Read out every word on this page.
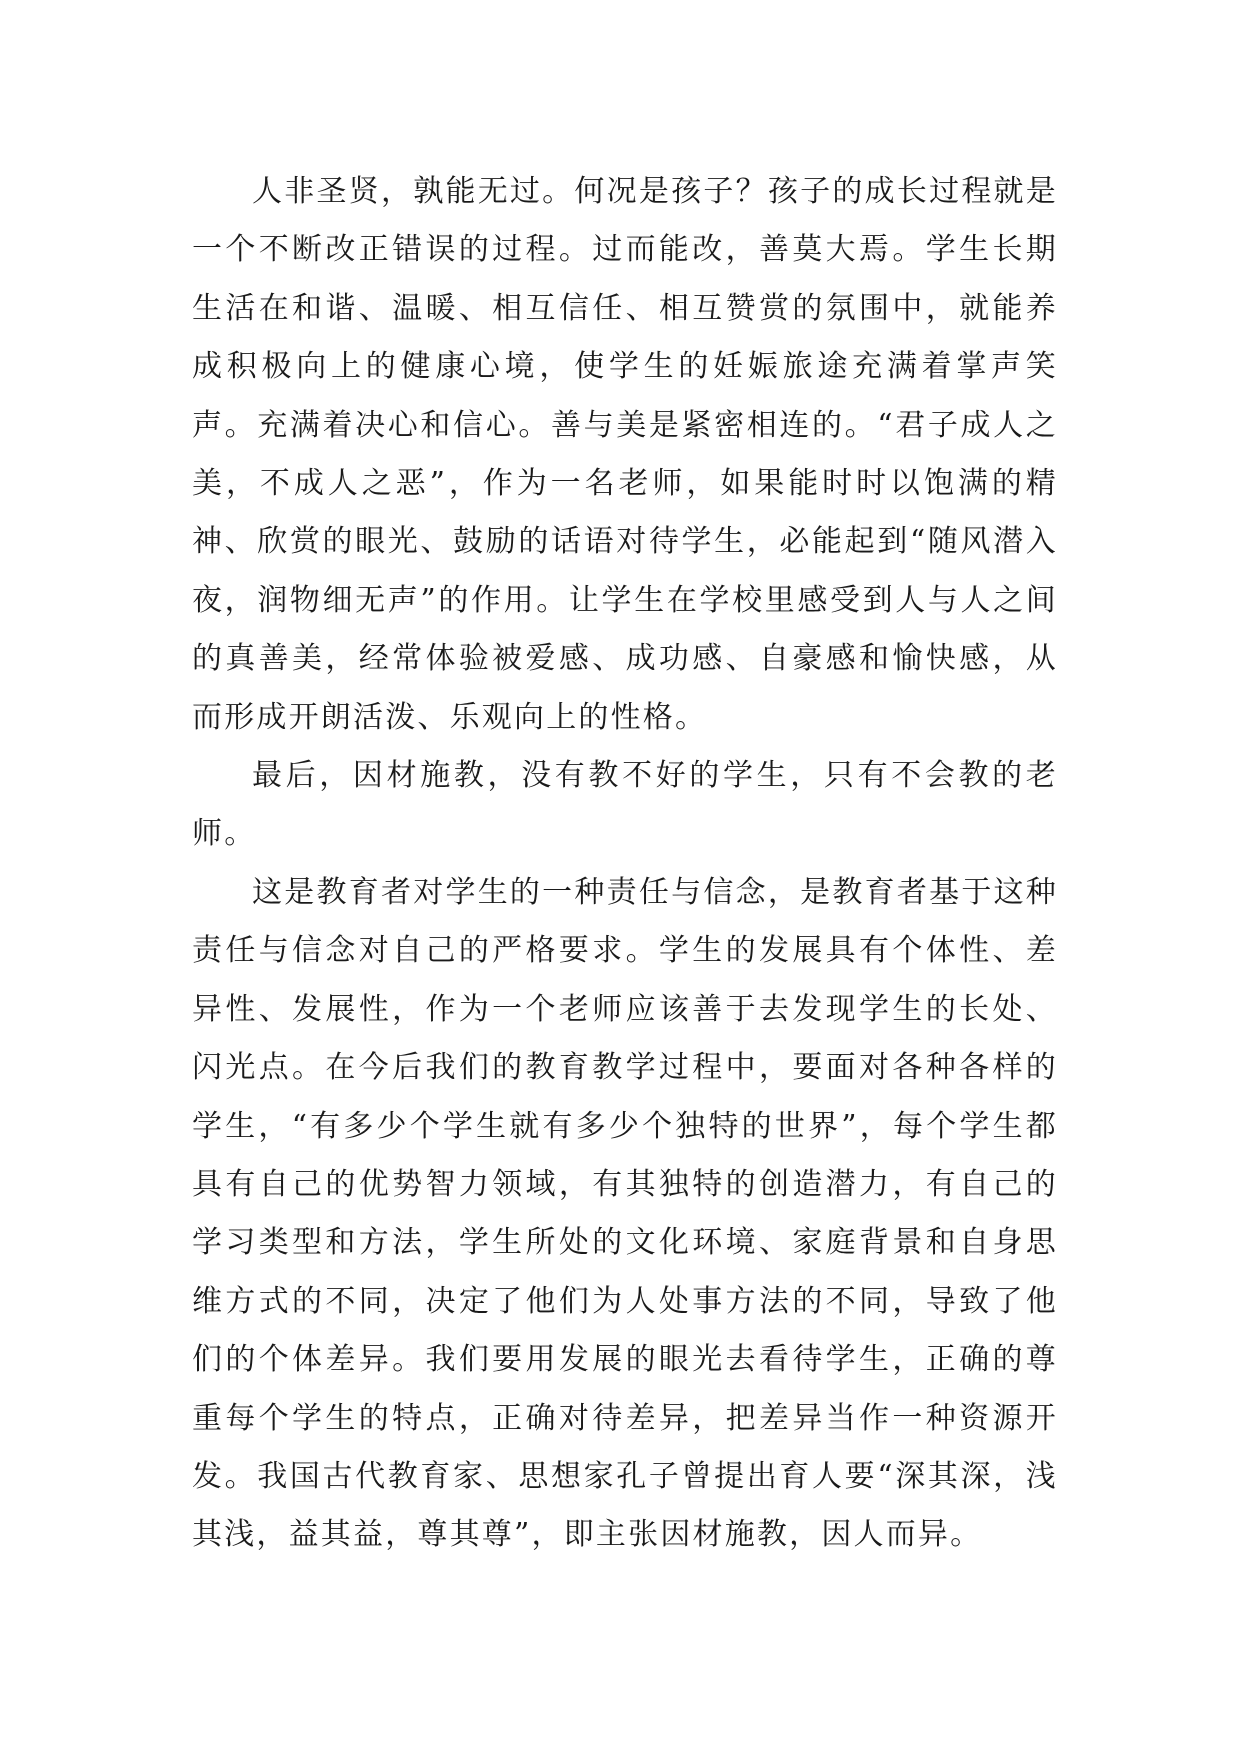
人非圣贤，孰能无过。何况是孩子？孩子的成长过程就是一个不断改正错误的过程。过而能改，善莫大焉。学生长期生活在和谐、温暖、相互信任、相互赞赏的氛围中，就能养成积极向上的健康心境，使学生的妊娠旅途充满着掌声笑声。充满着决心和信心。善与美是紧密相连的。“君子成人之美，不成人之恶”，作为一名老师，如果能时时以饱满的精神、欣赏的眼光、鼓励的话语对待学生，必能起到“随风潜入夜，润物细无声”的作用。让学生在学校里感受到人与人之间的真善美，经常体验被爱感、成功感、自豪感和愉快感，从而形成开朗活泼、乐观向上的性格。

最后，因材施教，没有教不好的学生，只有不会教的老师。

这是教育者对学生的一种责任与信念，是教育者基于这种责任与信念对自己的严格要求。学生的发展具有个体性、差异性、发展性，作为一个老师应该善于去发现学生的长处、闪光点。在今后我们的教育教学过程中，要面对各种各样的学生，“有多少个学生就有多少个独特的世界”，每个学生都具有自己的优势智力领域，有其独特的创造潜力，有自己的学习类型和方法，学生所处的文化环境、家庭背景和自身思维方式的不同，决定了他们为人处事方法的不同，导致了他们的个体差异。我们要用发展的眼光去看待学生，正确的尊重每个学生的特点，正确对待差异，把差异当作一种资源开发。我国古代教育家、思想家孔子曾提出育人要“深其深，浅其浅，益其益，尊其尊”，即主张因材施教，因人而异。
